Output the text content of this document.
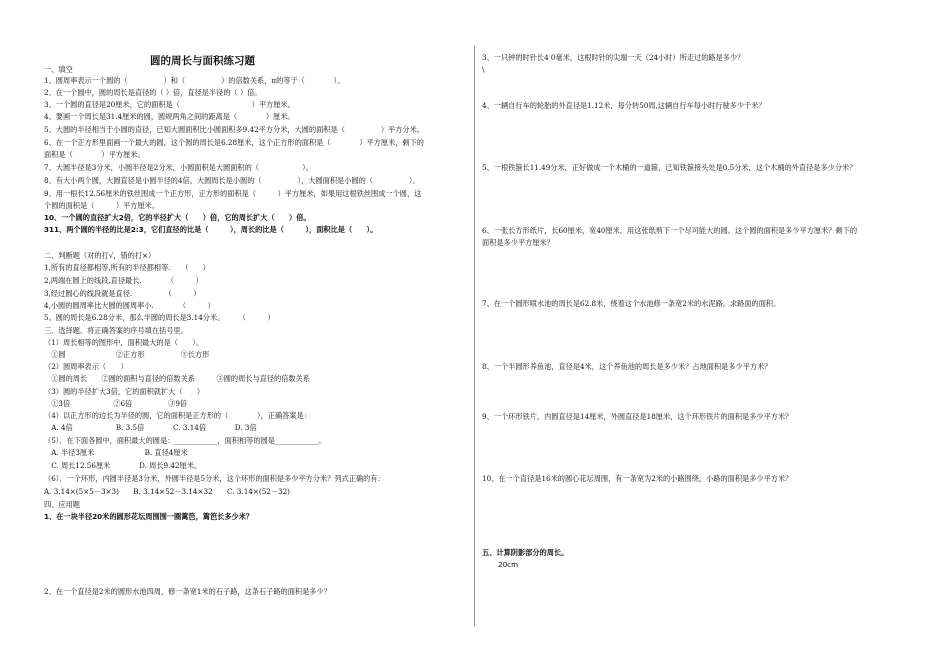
圆的周长与面积练习题
一、填空
1、圆周率表示一个圆的（　　　　　）和（　　　　　）的倍数关系，π的等于（　　　　）。
2、在一个圆中，圆的周长是直径的（ ）倍，直径是半径的（ ）倍。
3、一个圆的直径是20厘米，它的面积是（　　　　　　　　　　）平方厘米。
4、要画一个周长是31.4厘米的圆，圆规两角之间的距离是（　　　　）厘米。
5、大圆的半径相当于小圆的直径，已知大圆面积比小圆面积多9.42平方分米，大圆的面积是（　　　　　）平方分米。
6、在一个正方形里面画一个最大的圆，这个圆的周长是6.28厘米，这个正方形的面积是（　　　　）平方厘米，剩下的
面积是（　　　　）平方厘米。
7、大圆半径是3分米，小圆半径是2分米，小圆面积是大圆面积的（　　　　　　）。
8、有大小两个圆，大圆直径是小圆半径的4倍，大圆周长是小圆的（　　　　　），大圆面积是小圆的（　　　　　）。
9、用一根长12.56厘米的铁丝围成一个正方形，正方形的面积是（　　　）平方厘米，如果用这根铁丝围成一个圆，这
个圆的面积是（　　　）平方厘米。
10、一个圆的直径扩大2倍，它的半径扩大（　　）倍，它的周长扩大（　　）倍。
311、两个圆的半径的比是2:3，它们直径的比是（　　　），周长的比是（　　　），面积比是（　　）。
二、判断题（对的打√，错的打×）
1,所有的直径都相等,所有的半径都相等.　　（　　）
2,两端在圆上的线段,直径最长.　　　　（　　　）
3,经过圆心的线段就是直径.　　　　　（　　　）
4,小圆的圆周率比大圆的圆周率小.　　　　（　　　）
5、圆的周长是6.28分米，那么半圆的周长是3.14分米。　　　（　　　）
三、选择题。将正确答案的序号填在括号里。
（1）周长相等的图形中，面积最大的是（　　）。
　①圆　　　　　　　②正方形　　　　　③长方形
（2）圆周率表示（　　）
　①圆的周长　　②圆的面积与直径的倍数关系　　　③圆的周长与直径的倍数关系
（3）圆的半径扩大3倍，它的面积就扩大（　　）
　①3倍　　　　　　②6倍　　　　　③9倍
（4）以正方形的边长为半径的圆，它的面积是正方形的（　　　　），正确答案是：
　A. 4倍　　　　　　B. 3.5倍　　　　C. 3.14倍　　　　D. 3倍
（5）．在下面各圆中，面积最大的圆是：____________，面积相等的圆是____________。
　A. 半径3厘米　　　　　　　B. 直径4厘米
　C. 周长12.56厘米　　　　D. 周长9.42厘米。
（6）．一个环形，内圆半径是3分米，外圆半径是5分米，这个环形的面积是多少平方分米？列式正确的有：
A. 3.14×(5×5－3×3)　　B. 3.14×52－3.14×32　　C. 3.14×(52－32)
四、应用题
1、在一块半径20米的圆形花坛周围围一圈篱笆，篱笆长多少米？
2、在一个直径是2米的圆形水池四周，修一条宽1米的石子路，这条石子路的面积是多少？
3、一只钟的时针长4 0毫米，这根时针的尖端一天（24小时）所走过的路是多少？
\
4、一辆自行车的轮胎的外直径是1.12米，每分转50周,这辆自行车每小时行驶多少千米？
5、一根铁箍长11.49分米，正好做成一个木桶的一道箍，已知铁箍接头处是0.5分米，这个木桶的外直径是多少分米？
6、一张长方形纸片，长60厘米，宽40厘米。用这张纸剪下一个尽可能大的圆。这个圆的面积是多少平方厘米？剩下的
面积是多少平方厘米？
7、在一个圆形喷水池的周长是62.8米，绕着这个水池修一条宽2米的水泥路。求路面的面积。
8、一个半圆形养鱼池，直径是4米，这个养鱼池的周长是多少米？占地面积是多少平方米？
9、一个环形铁片，内圆直径是14厘米，外圆直径是18厘米，这个环形铁片的面积是多少平方米？
10、在一个直径是16米的圆心花坛周围，有一条宽为2米的小路围绕，小路的面积是多少平方米？
五、计算阴影部分的周长。
20cm
